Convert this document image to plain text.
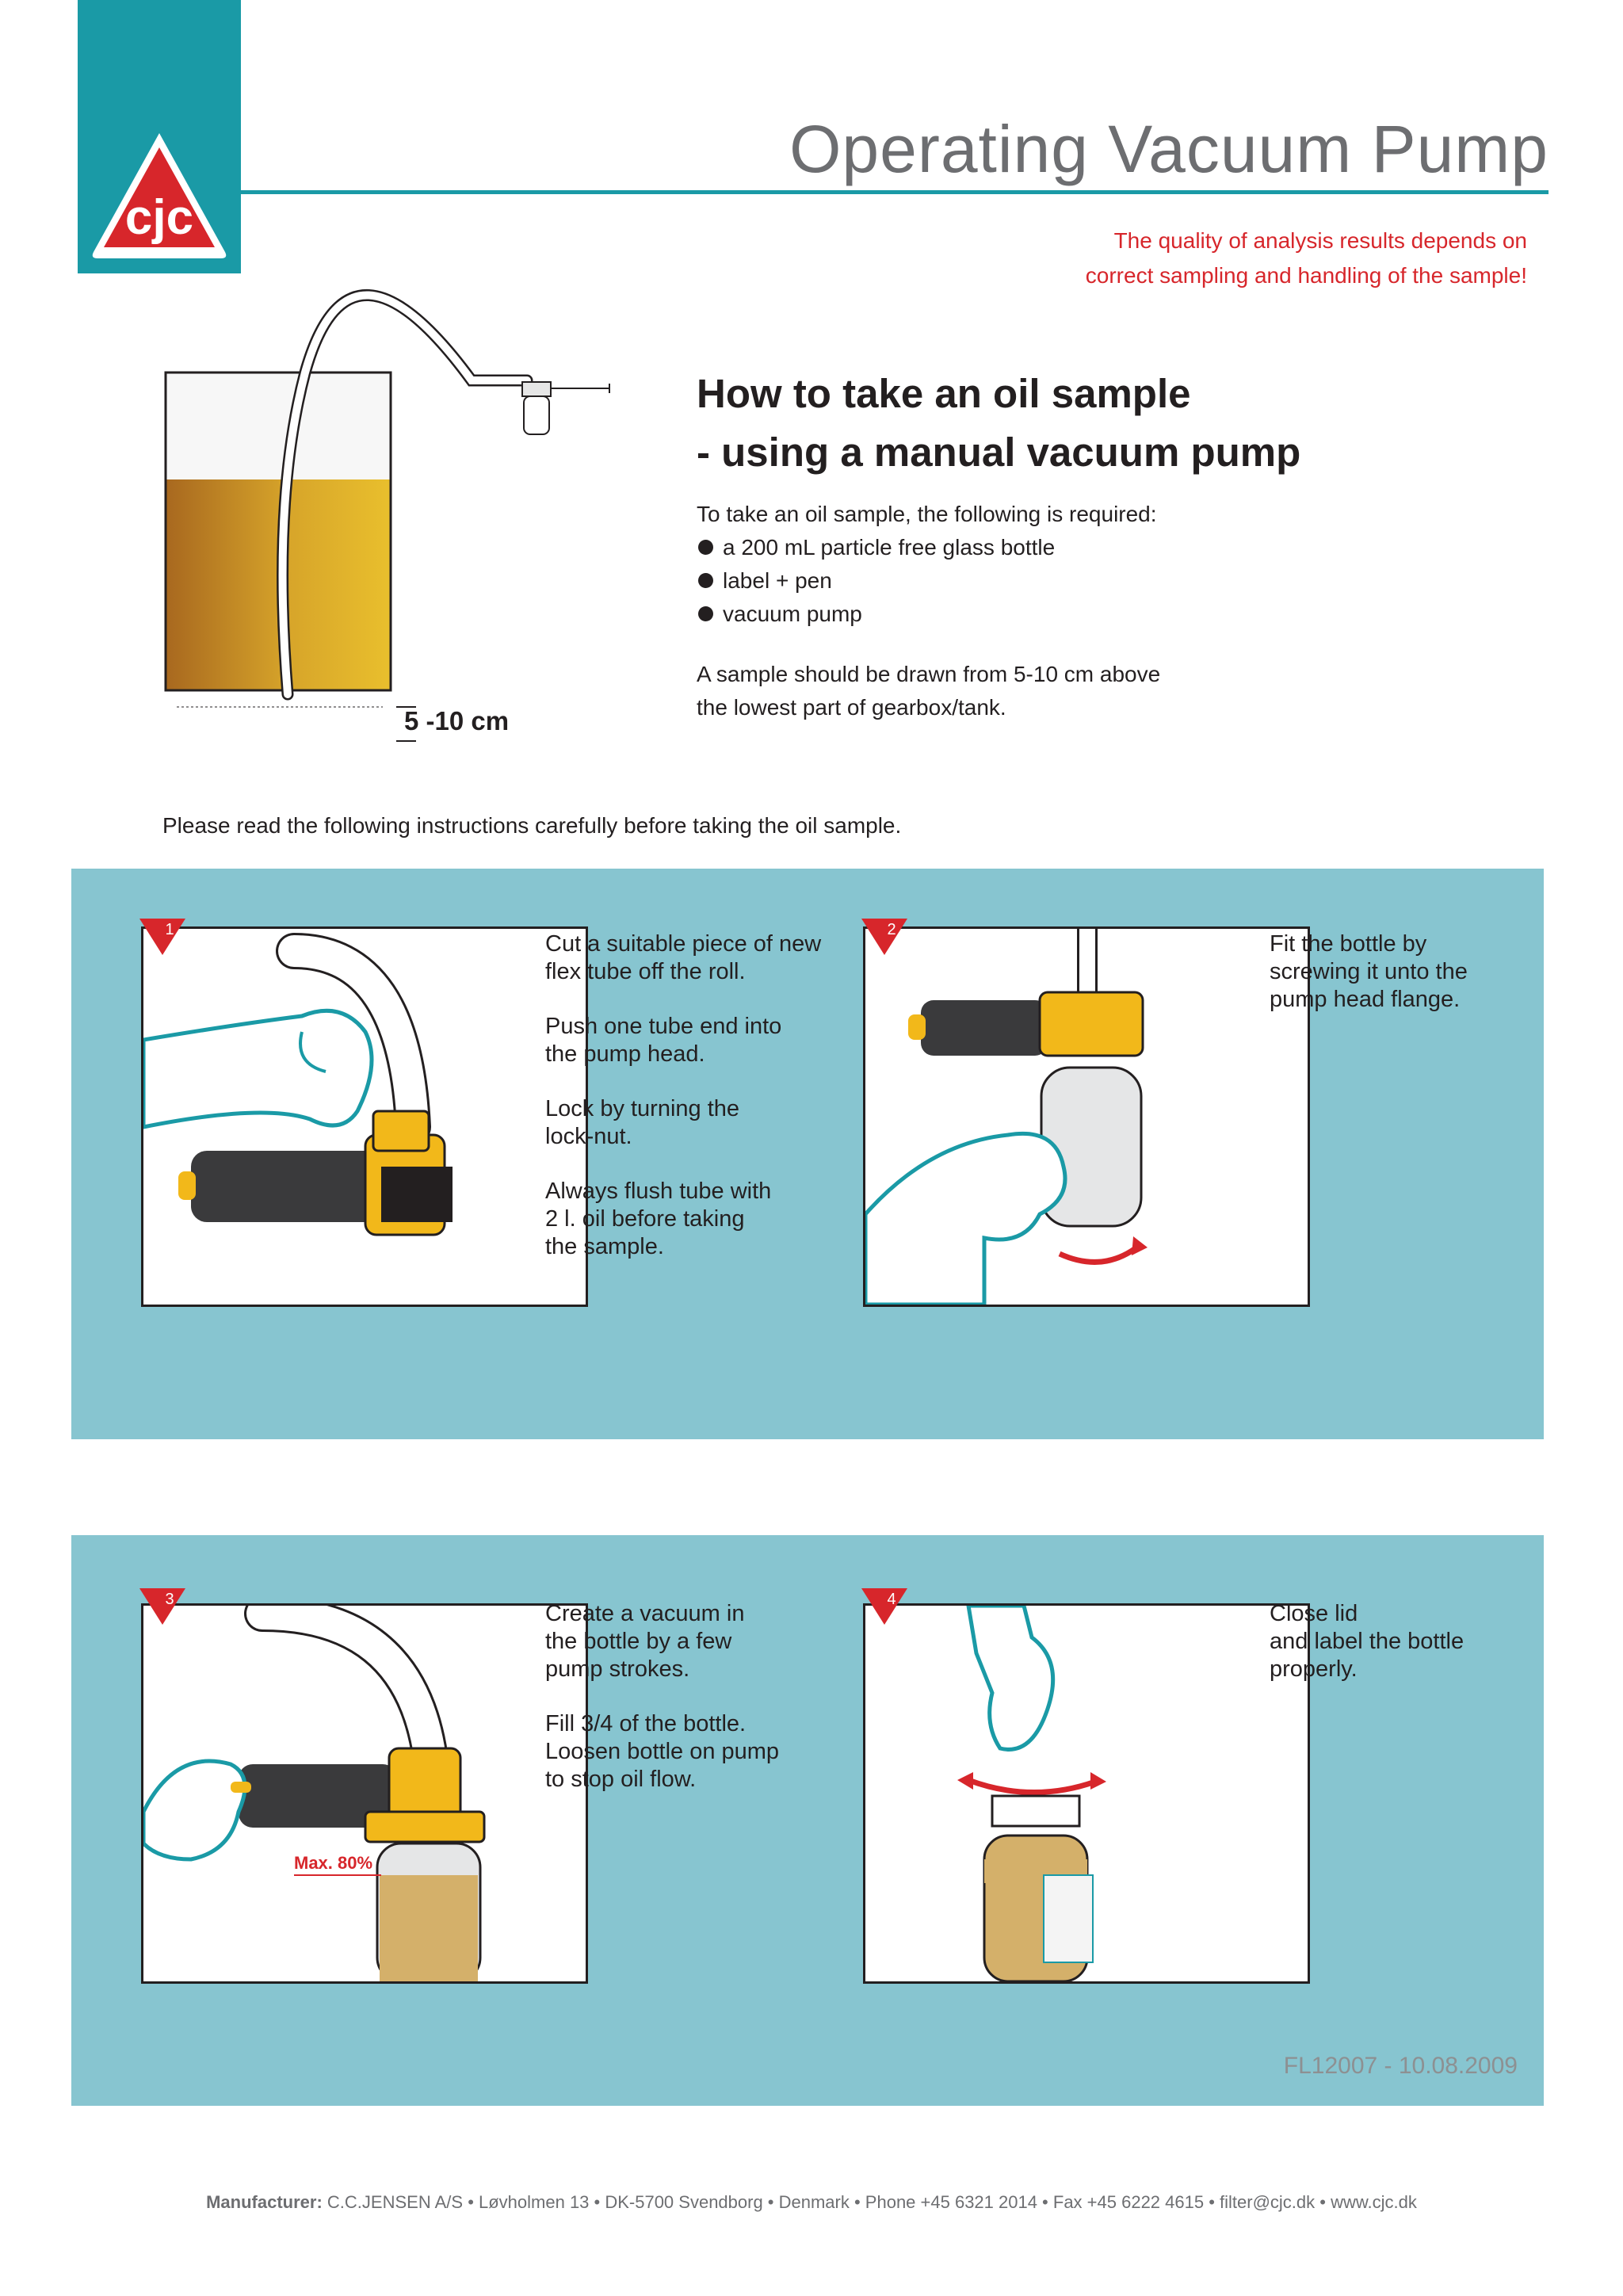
cjc
Operating Vacuum Pump
The quality of analysis results depends on
correct sampling and handling of the sample!
How to take an oil sample
- using a manual vacuum pump
To take an oil sample, the following is required:
a 200 mL particle free glass bottle
label + pen
vacuum pump
A sample should be drawn from 5-10 cm above
the lowest part of gearbox/tank.
5 -10 cm
Please read the following instructions carefully before taking the oil sample.
1

Cut a suitable piece of new
flex tube off the roll.

Push one tube end into
the pump head.

Lock by turning the
lock-nut.

Always flush tube with
2 l. oil before taking
the sample.

2

Fit the bottle by
screwing it unto the
pump head flange.

Max. 80%
3

Create a vacuum in
the bottle by a few
pump strokes.

Fill 3/4 of the bottle.
Loosen bottle on pump
to stop oil flow.

4

Close lid
and label the bottle
properly.

FL12007 - 10.08.2009
Manufacturer: C.C.JENSEN A/S • Løvholmen 13 • DK-5700 Svendborg • Denmark • Phone +45 6321 2014 • Fax +45 6222 4615 • filter@cjc.dk • www.cjc.dk
